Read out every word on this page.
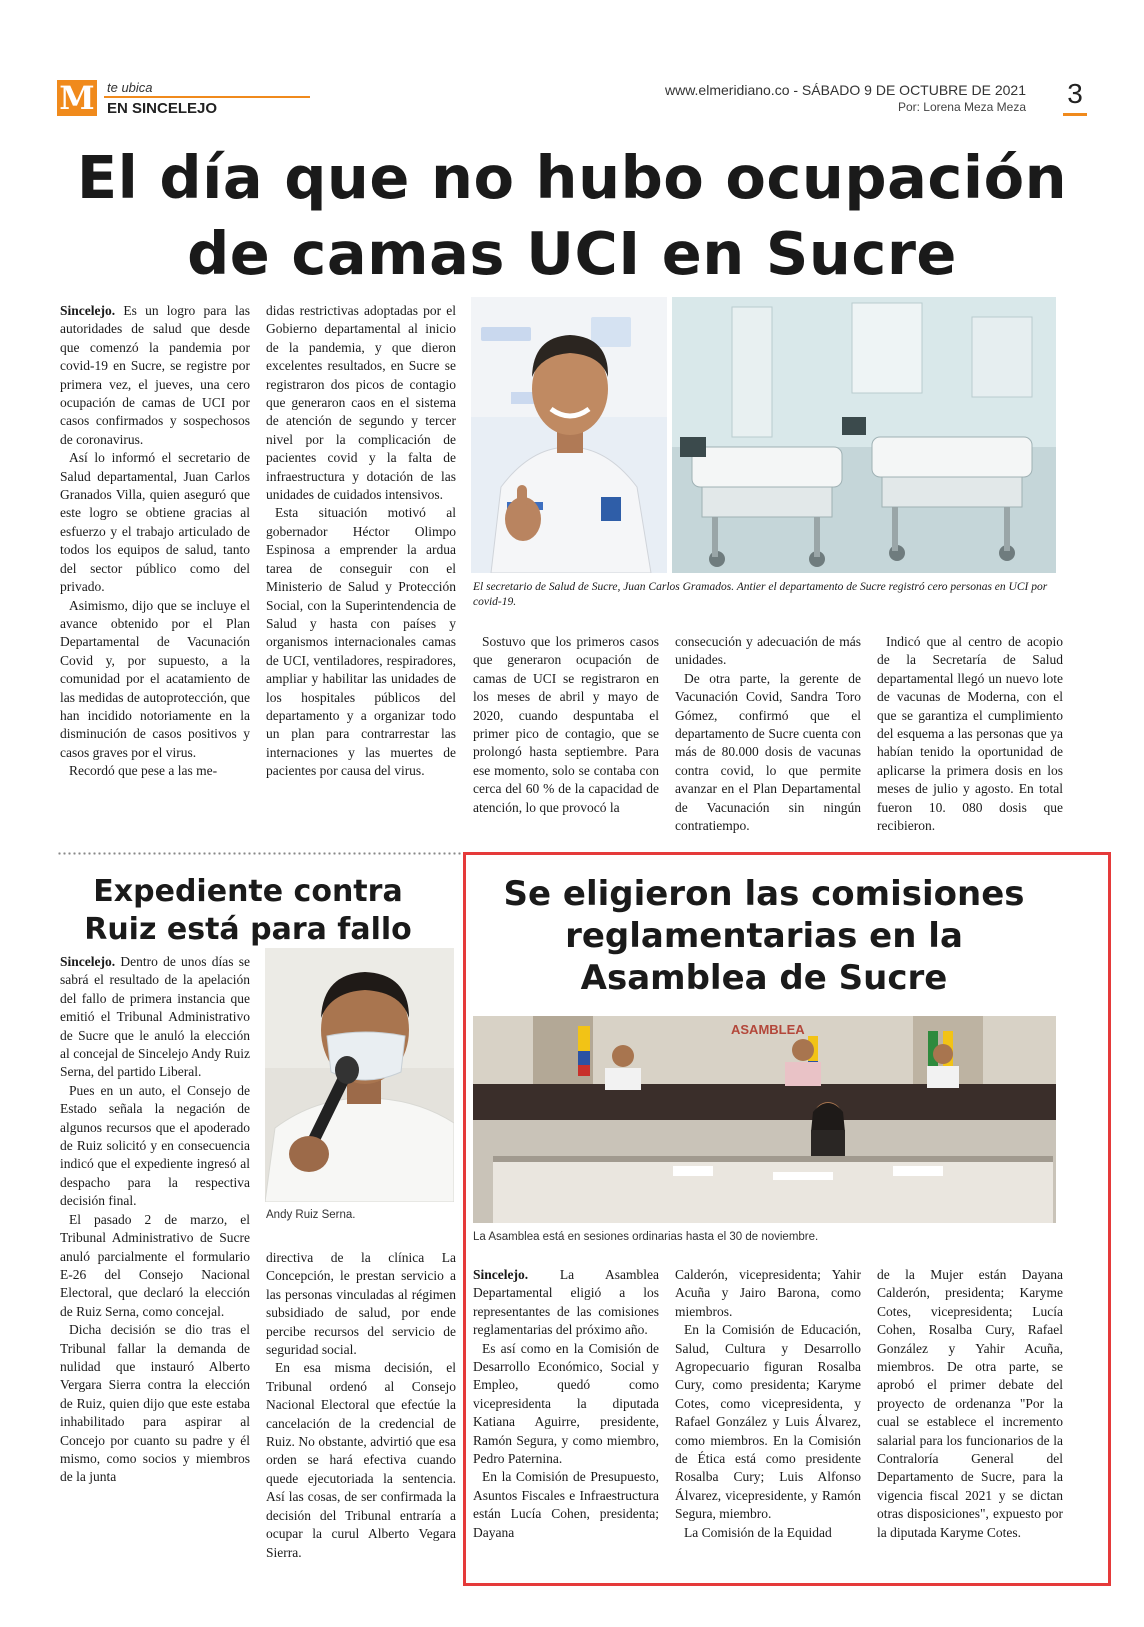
M te ubica
EN SINCELEJO
www.elmeridiano.co - SÁBADO 9 DE OCTUBRE DE 2021
Por: Lorena Meza Meza 3
El día que no hubo ocupación
de camas UCI en Sucre

Sincelejo. Es un logro para las autoridades de salud que desde que comenzó la pandemia por covid-19 en Sucre, se registre por primera vez, el jueves, una cero ocupación de camas de UCI por casos confirmados y sospechosos de coronavirus.

Así lo informó el secretario de Salud departamental, Juan Carlos Granados Villa, quien aseguró que este logro se obtiene gracias al esfuerzo y el trabajo articulado de todos los equipos de salud, tanto del sector público como del privado.

Asimismo, dijo que se incluye el avance obtenido por el Plan Departamental de Vacunación Covid y, por supuesto, a la comunidad por el acatamiento de las medidas de autoprotección, que han incidido notoriamente en la disminución de casos positivos y casos graves por el virus.

Recordó que pese a las me-

didas restrictivas adoptadas por el Gobierno departamental al inicio de la pandemia, y que dieron excelentes resultados, en Sucre se registraron dos picos de contagio que generaron caos en el sistema de atención de segundo y tercer nivel por la complicación de pacientes covid y la falta de infraestructura y dotación de las unidades de cuidados intensivos.

Esta situación motivó al gobernador Héctor Olimpo Espinosa a emprender la ardua tarea de conseguir con el Ministerio de Salud y Protección Social, con la Superintendencia de Salud y hasta con países y organismos internacionales camas de UCI, ventiladores, respiradores, ampliar y habilitar las unidades de los hospitales públicos del departamento y a organizar todo un plan para contrarrestar las internaciones y las muertes de pacientes por causa del virus.

El secretario de Salud de Sucre, Juan Carlos Gramados. Antier el departamento de Sucre registró cero personas en UCI por covid-19.

Sostuvo que los primeros casos que generaron ocupación de camas de UCI se registraron en los meses de abril y mayo de 2020, cuando despuntaba el primer pico de contagio, que se prolongó hasta septiembre. Para ese momento, solo se contaba con cerca del 60 % de la capacidad de atención, lo que provocó la

consecución y adecuación de más unidades.

De otra parte, la gerente de Vacunación Covid, Sandra Toro Gómez, confirmó que el departamento de Sucre cuenta con más de 80.000 dosis de vacunas contra covid, lo que permite avanzar en el Plan Departamental de Vacunación sin ningún contratiempo.

Indicó que al centro de acopio de la Secretaría de Salud departamental llegó un nuevo lote de vacunas de Moderna, con el que se garantiza el cumplimiento del esquema a las personas que ya habían tenido la oportunidad de aplicarse la primera dosis en los meses de julio y agosto. En total fueron 10. 080 dosis que recibieron.

Expediente contra
Ruiz está para fallo

Sincelejo. Dentro de unos días se sabrá el resultado de la apelación del fallo de primera instancia que emitió el Tribunal Administrativo de Sucre que le anuló la elección al concejal de Sincelejo Andy Ruiz Serna, del partido Liberal.

Pues en un auto, el Consejo de Estado señala la negación de algunos recursos que el apoderado de Ruiz solicitó y en consecuencia indicó que el expediente ingresó al despacho para la respectiva decisión final.

El pasado 2 de marzo, el Tribunal Administrativo de Sucre anuló parcialmente el formulario E-26 del Consejo Nacional Electoral, que declaró la elección de Ruiz Serna, como concejal.

Dicha decisión se dio tras el Tribunal fallar la demanda de nulidad que instauró Alberto Vergara Sierra contra la elección de Ruiz, quien dijo que este estaba inhabilitado para aspirar al Concejo por cuanto su padre y él mismo, como socios y miembros de la junta

Andy Ruiz Serna.

directiva de la clínica La Concepción, le prestan servicio a las personas vinculadas al régimen subsidiado de salud, por ende percibe recursos del servicio de seguridad social.

En esa misma decisión, el Tribunal ordenó al Consejo Nacional Electoral que efectúe la cancelación de la credencial de Ruiz. No obstante, advirtió que esa orden se hará efectiva cuando quede ejecutoriada la sentencia. Así las cosas, de ser confirmada la decisión del Tribunal entraría a ocupar la curul Alberto Vegara Sierra.

Se eligieron las comisiones
reglamentarias en la
Asamblea de Sucre
ASAMBLEA
La Asamblea está en sesiones ordinarias hasta el 30 de noviembre.

Sincelejo. La Asamblea Departamental eligió a los representantes de las comisiones reglamentarias del próximo año.

Es así como en la Comisión de Desarrollo Económico, Social y Empleo, quedó como vicepresidenta la diputada Katiana Aguirre, presidente, Ramón Segura, y como miembro, Pedro Paternina.

En la Comisión de Presupuesto, Asuntos Fiscales e Infraestructura están Lucía Cohen, presidenta; Dayana

Calderón, vicepresidenta; Yahir Acuña y Jairo Barona, como miembros.

En la Comisión de Educación, Salud, Cultura y Desarrollo Agropecuario figuran Rosalba Cury, como presidenta; Karyme Cotes, como vicepresidenta, y Rafael González y Luis Álvarez, como miembros. En la Comisión de Ética está como presidente Rosalba Cury; Luis Alfonso Álvarez, vicepresidente, y Ramón Segura, miembro.

La Comisión de la Equidad

de la Mujer están Dayana Calderón, presidenta; Karyme Cotes, vicepresidenta; Lucía Cohen, Rosalba Cury, Rafael González y Yahir Acuña, miembros. De otra parte, se aprobó el primer debate del proyecto de ordenanza "Por la cual se establece el incremento salarial para los funcionarios de la Contraloría General del Departamento de Sucre, para la vigencia fiscal 2021 y se dictan otras disposiciones", expuesto por la diputada Karyme Cotes.
